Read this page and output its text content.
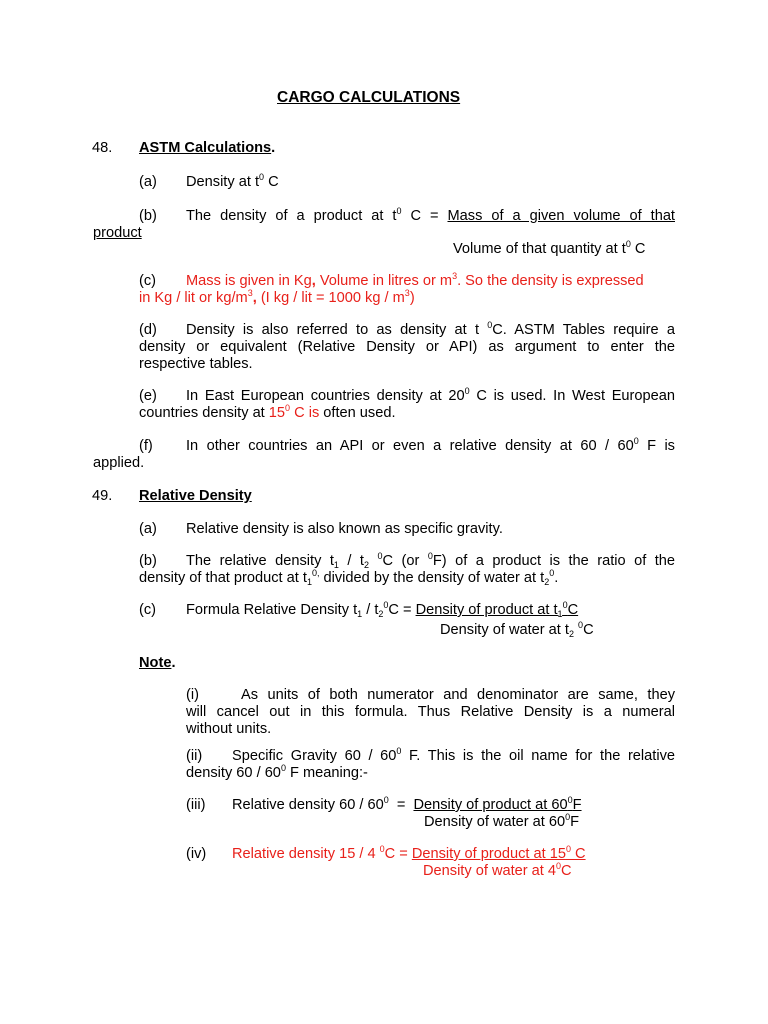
CARGO CALCULATIONS
48. ASTM Calculations.
(a) Density at $t^0$ C
(b) The density of a product at $t^0$ C = Mass of a given volume of that
product
Volume of that quantity at $t^0$ C
(c) Mass is given in Kg, Volume in litres or $m^3$. So the density is expressed
in Kg / lit or $kg/m^3$, (I kg / lit = 1000 kg / $m^3$)
(d) Density is also referred to as density at t $^0$C. ASTM Tables require a
density or equivalent (Relative Density or API) as argument to enter the
respective tables.
(e) In East European countries density at $20^0$ C is used. In West European
countries density at $15^0$ C is often used.
(f) In other countries an API or even a relative density at $60 / 60^0$ F is
applied.
49. Relative Density
(a) Relative density is also known as specific gravity.
(b) The relative density $t_1 / t_2$ $^0$C (or $^0$F) of a product is the ratio of the
density of that product at $t_1^{0,}$ divided by the density of water at $t_2^0$.
(c) Formula Relative Density $t_1 / t_2^0C$ = Density of product at $t_1^0C$
Density of water at $t_2$ $^0$C
Note.
(i)	As units of both numerator and denominator are same, they
will cancel out in this formula. Thus Relative Density is a numeral
without units.
(ii) Specific Gravity $60 / 60^0$ F. This is the oil name for the relative
density $60 / 60^0$ F meaning:-
(iii) Relative density $60 / 60^0$  =  Density of product at $60^0F$
Density of water at $60^0F$
(iv) Relative density 15 / 4 $^0$C = Density of product at $15^0$ C
Density of water at $4^0C$
